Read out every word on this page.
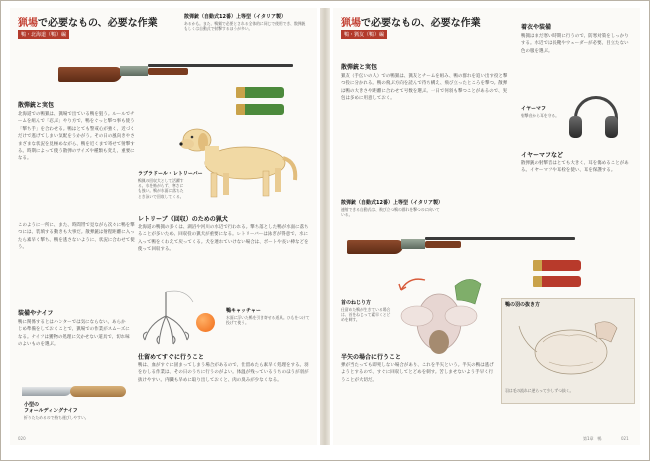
猟場で必要なもの、必要な作業
鴨・北海道（鴨）編
散弾銃（自動式12番）上等型（イタリア製）
あるかも。また、鴨猟で必要とされる全体的に同じで使用でき、散弾銃もしくは自動式で射撃するほうが多い。
散弾銃と実包
北海道での鴨猟は、猟場で出ている鴨を狙う。ルールでチームを組んで「忍ぶ」やり方で、鴨をぐっと撃つ事も使う「撃ち手」を合わせる。鴨はとても警戒心が強く、近づくだけで逃げてしまい気配をうかがう。その日の風向きやさまざまな状況を見極めながら、鴨を近くまで寄せて射撃する。時期によって使う散弾のサイズや種類も変え、重要になる。
このように一所に、また、時間帯で見ながら次々に鴨を撃つには、装填する動きも大事だ。散弾銃は射程距離に入ったら素早く撃ち、鴨を逃さないように、状況に合わせて使う。
ラブラドール・レトリーバー
鴨猟の回収犬として活躍する。水を怖がらず、寒さにも強い。鴨が水面に落ちたとき泳いで回収してくる。
レトリーブ（回収）のための猟犬
北海道の鴨猟の多くは、湖沼や河川の水辺で行われる。撃ち落とした鴨が水面に落ちることが多いため、回収役の猟犬が重要になる。レトリーバーは泳ぎが得意で、水に入って鴨をくわえて戻ってくる。犬を連れていけない場合は、ボートや長い棒などを使って回収する。
鴨キャッチャー
水面に浮いた鴨を引き寄せる道具。ひもをつけて投げて使う。
装備やナイフ
鴨に関係するとはハンターでは気にならない。あらかじめ準備をしておくことで、猟場での作業がスムーズになる。ナイフは獲物の処理に欠かせない道具で、切れ味のよいものを選ぶ。
小型の
フォールディングナイフ
折りたためるので持ち運びしやすい。
仕留めてすぐに行うこと
鴨は、血がすぐに固まってしまう場合があるので、仕留めたら素早く処理をする。羽をむしる作業は、その日のうちに行うのがよい。体温が残っているうちのほうが羽が抜けやすい。内臓も早めに取り出しておくと、肉の臭みが少なくなる。
020
猟場で必要なもの、必要な作業
鴨・猟友（鴨）編
散弾銃と実包
猟友（手伝いの人）での鴨猟は、猟友とチームを組み、鴨の群れを追い出す役と撃つ役に分かれる。鴨の飛ぶ方向を読んで待ち構え、飛び立ったところを撃つ。散弾は鴨の大きさや距離に合わせて号数を選ぶ。一日で何羽も撃つことがあるので、実包は多めに用意しておく。
着衣や装備
鴨猟はまだ寒い時期に行うので、防寒対策をしっかりする。水辺では長靴やウェーダーが必要。目立たない色の服を選ぶ。
イヤーマフ
射撃音から耳を守る。
イヤーマフなど
散弾銃の射撃音はとても大きく、耳を傷めることがある。イヤーマフや耳栓を使い、耳を保護する。
散弾銃（自動式12番）上等型（イタリア製）
連射できる自動式は、飛び立つ鴨の群れを撃つのに向いている。
首のねじり方
仕留めた鴨が生きている場合は、首をねじって素早くとどめを刺す。
鴨の羽の抜き方
羽は毛の流れに逆らって少しずつ抜く。
半矢の場合に行うこと
弾が当たっても即死しない場合があり、これを半矢という。半矢の鴨は逃げようとするので、すぐに回収してとどめを刺す。苦しませないよう手早く行うことが大切だ。
第1章　鴨	021
